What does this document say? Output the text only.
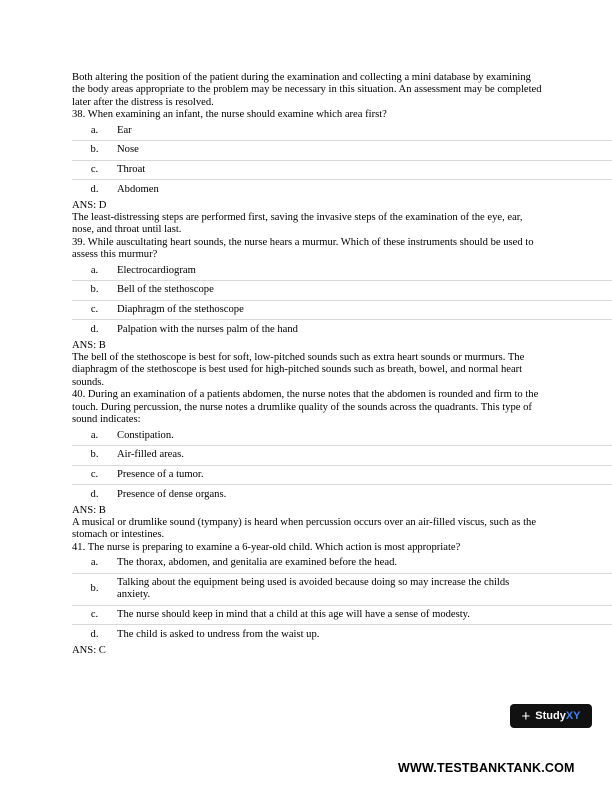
Both altering the position of the patient during the examination and collecting a mini database by examining the body areas appropriate to the problem may be necessary in this situation. An assessment may be completed later after the distress is resolved.

38. When examining an infant, the nurse should examine which area first?

a.	Ear
b.	Nose
c.	Throat
d.	Abdomen

ANS: D

The least-distressing steps are performed first, saving the invasive steps of the examination of the eye, ear, nose, and throat until last.

39. While auscultating heart sounds, the nurse hears a murmur. Which of these instruments should be used to assess this murmur?

a.	Electrocardiogram
b.	Bell of the stethoscope
c.	Diaphragm of the stethoscope
d.	Palpation with the nurses palm of the hand

ANS: B

The bell of the stethoscope is best for soft, low-pitched sounds such as extra heart sounds or murmurs. The diaphragm of the stethoscope is best used for high-pitched sounds such as breath, bowel, and normal heart sounds.

40. During an examination of a patients abdomen, the nurse notes that the abdomen is rounded and firm to the touch. During percussion, the nurse notes a drumlike quality of the sounds across the quadrants. This type of sound indicates:

a.	Constipation.
b.	Air-filled areas.
c.	Presence of a tumor.
d.	Presence of dense organs.

ANS: B

A musical or drumlike sound (tympany) is heard when percussion occurs over an air-filled viscus, such as the stomach or intestines.

41. The nurse is preparing to examine a 6-year-old child. Which action is most appropriate?

a.	The thorax, abdomen, and genitalia are examined before the head.
b.
Talking about the equipment being used is avoided because doing so may increase the childs anxiety.
c.	The nurse should keep in mind that a child at this age will have a sense of modesty.
d.	The child is asked to undress from the waist up.

ANS: C

+ StudyXY
WWW.TESTBANKTANK.COM
